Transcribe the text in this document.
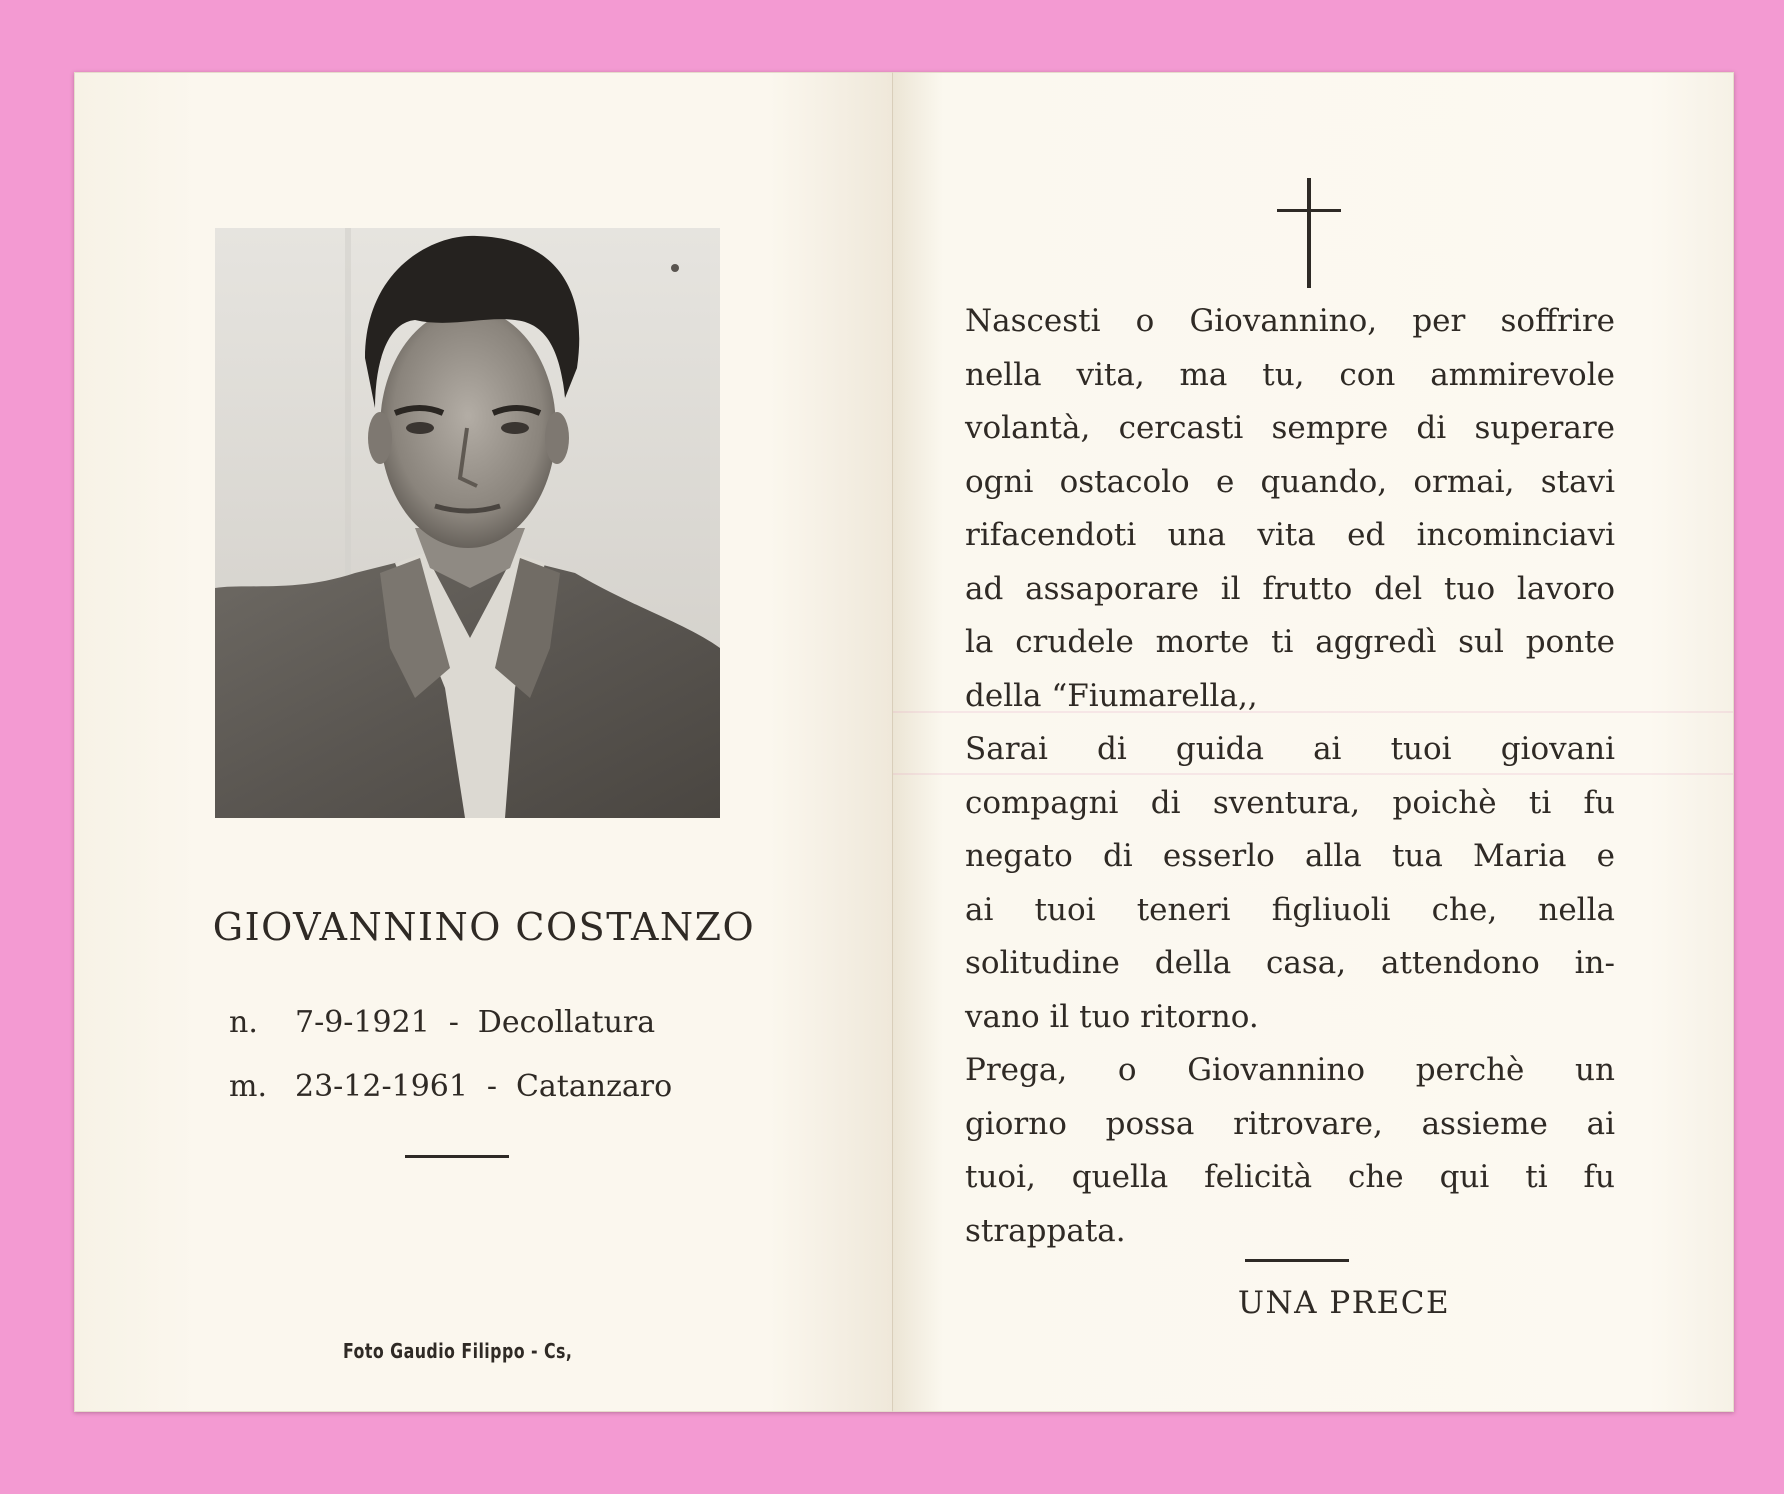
GIOVANNINO COSTANZO
n. 7-9-1921 - Decollatura
m. 23-12-1961 - Catanzaro
Foto Gaudio Filippo - Cs,
Nascesti o Giovannino, per soffrire
nella vita, ma tu, con ammirevole
volantà, cercasti sempre di superare
ogni ostacolo e quando, ormai, stavi
rifacendoti una vita ed incominciavi
ad assaporare il frutto del tuo lavoro
la crudele morte ti aggredì sul ponte
della “Fiumarella,,
Sarai di guida ai tuoi giovani
compagni di sventura, poichè ti fu
negato di esserlo alla tua Maria e
ai tuoi teneri figliuoli che, nella
solitudine della casa, attendono in-
vano il tuo ritorno.
Prega, o Giovannino perchè un
giorno possa ritrovare, assieme ai
tuoi, quella felicità che qui ti fu
strappata.
UNA PRECE
